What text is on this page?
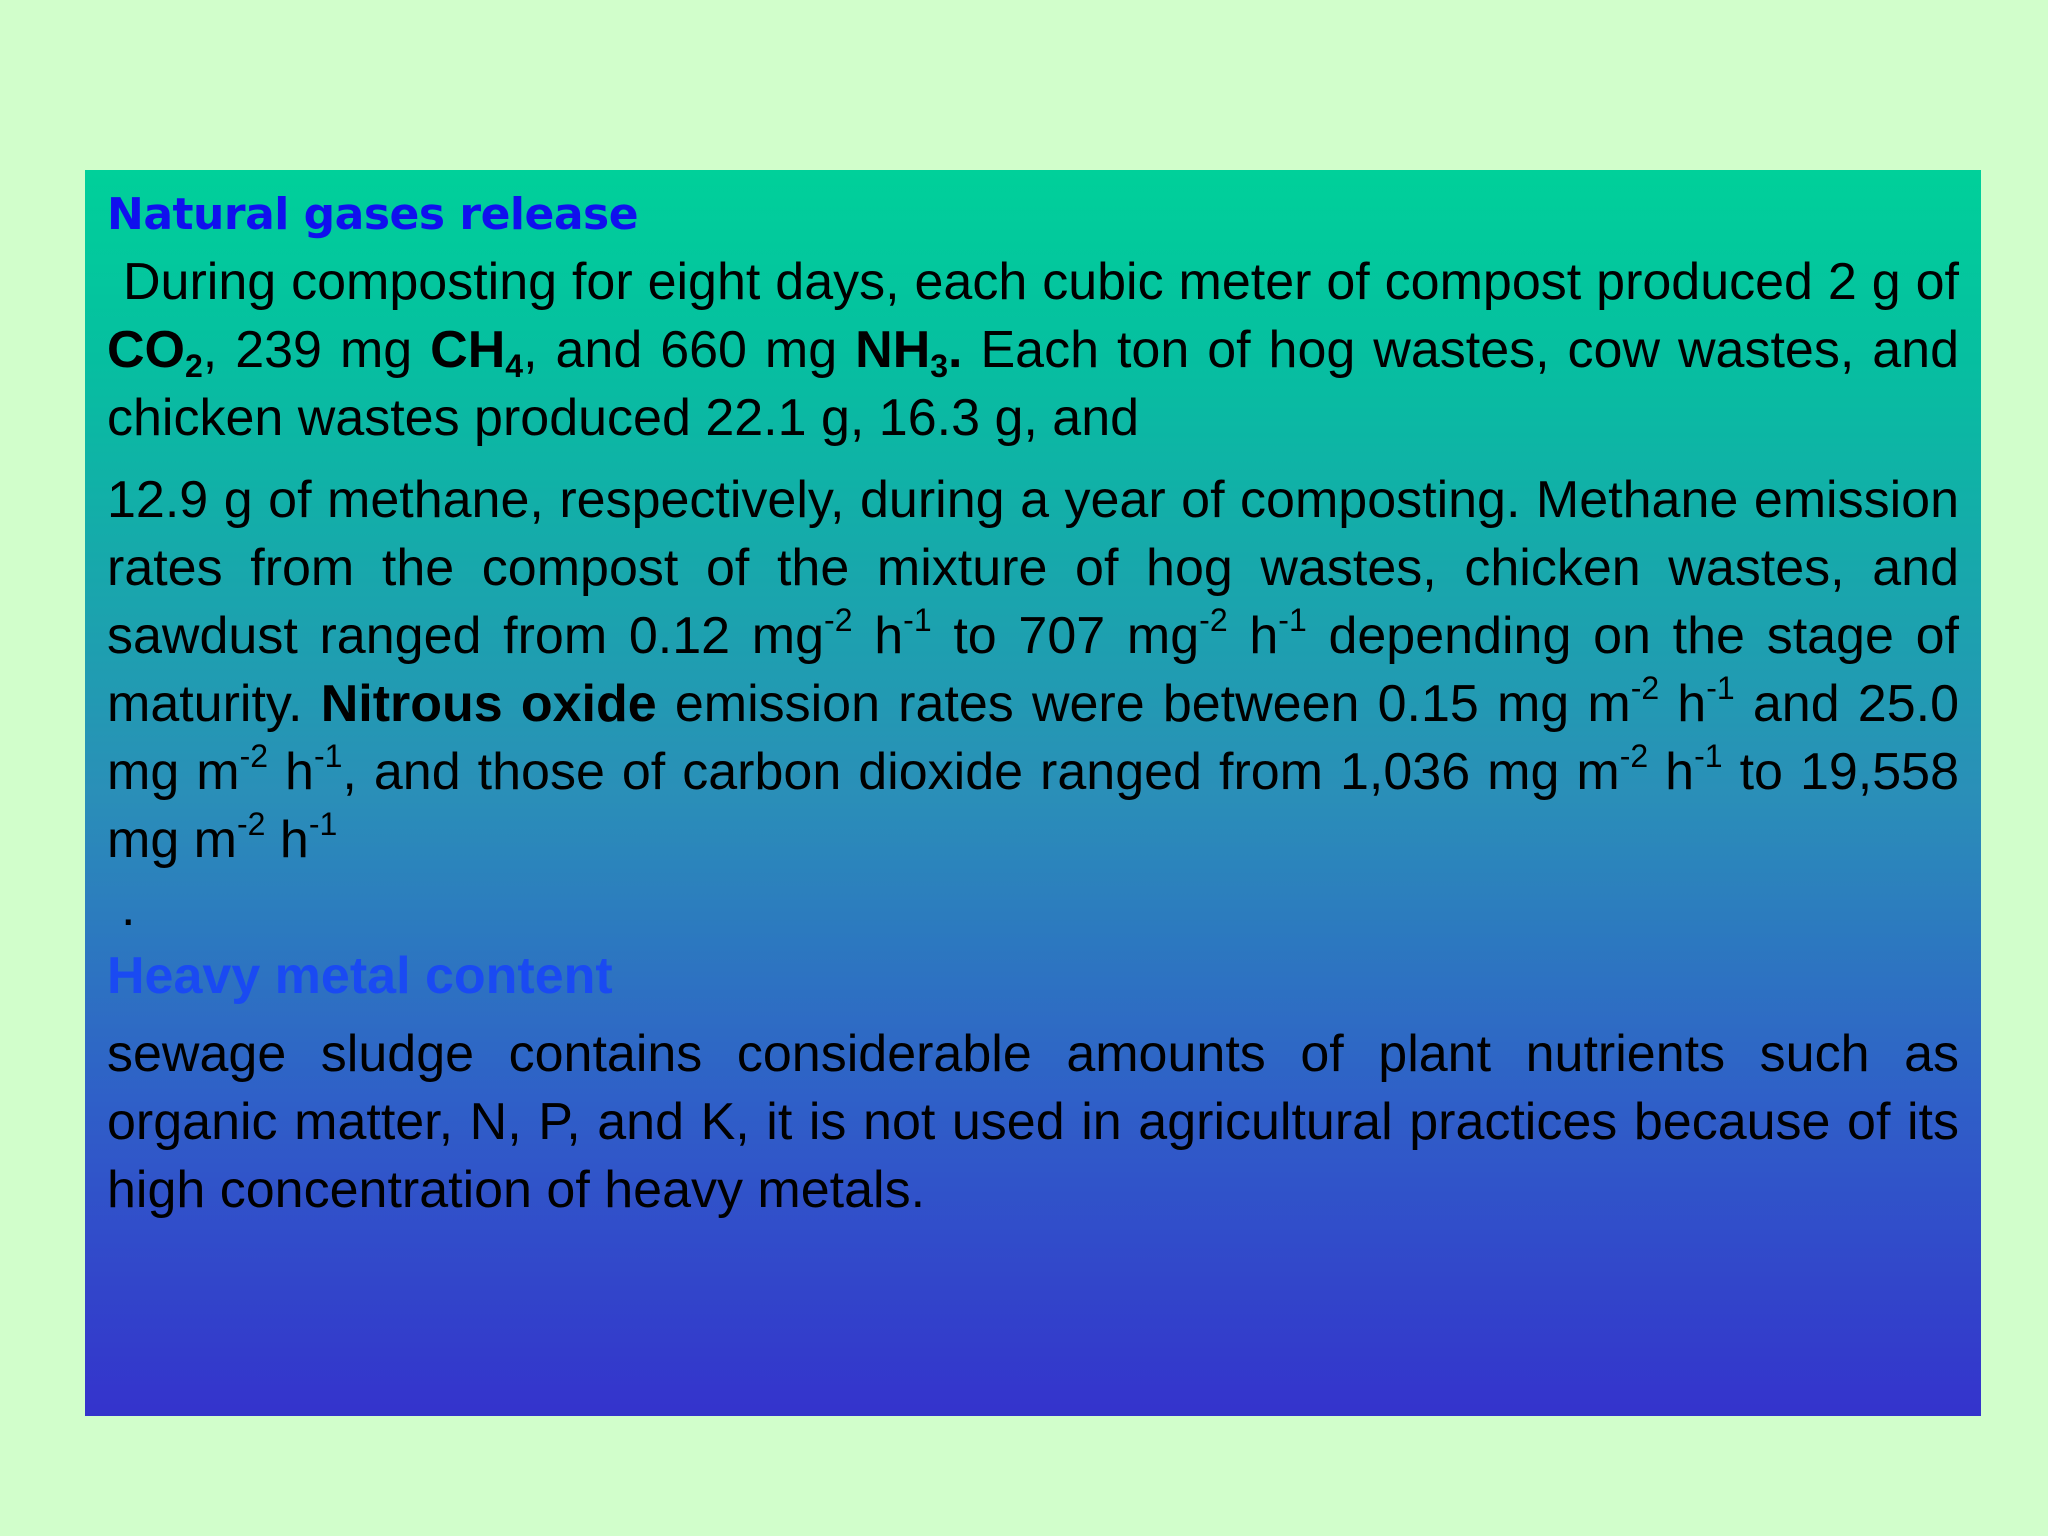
Natural gases release

During composting for eight days, each cubic meter of compost produced 2 g of $CO_2$, 239 mg $CH_4$, and 660 mg $NH_3$. Each ton of hog wastes, cow wastes, and chicken wastes produced 22.1 g, 16.3 g, and

12.9 g of methane, respectively, during a year of composting. Methane emission rates from the compost of the mixture of hog wastes, chicken wastes, and sawdust ranged from 0.12 $mg^{-2}$ $h^{-1}$ to 707 $mg^{-2}$ $h^{-1}$ depending on the stage of maturity. Nitrous oxide emission rates were between 0.15 mg $m^{-2}$ $h^{-1}$ and 25.0 mg $m^{-2}$ $h^{-1}$, and those of carbon dioxide ranged from 1,036 mg $m^{-2}$ $h^{-1}$ to 19,558 mg $m^{-2}$ $h^{-1}$

.

Heavy metal content

sewage sludge contains considerable amounts of plant nutrients such as organic matter, N, P, and K, it is not used in agricultural practices because of its high concentration of heavy metals.
